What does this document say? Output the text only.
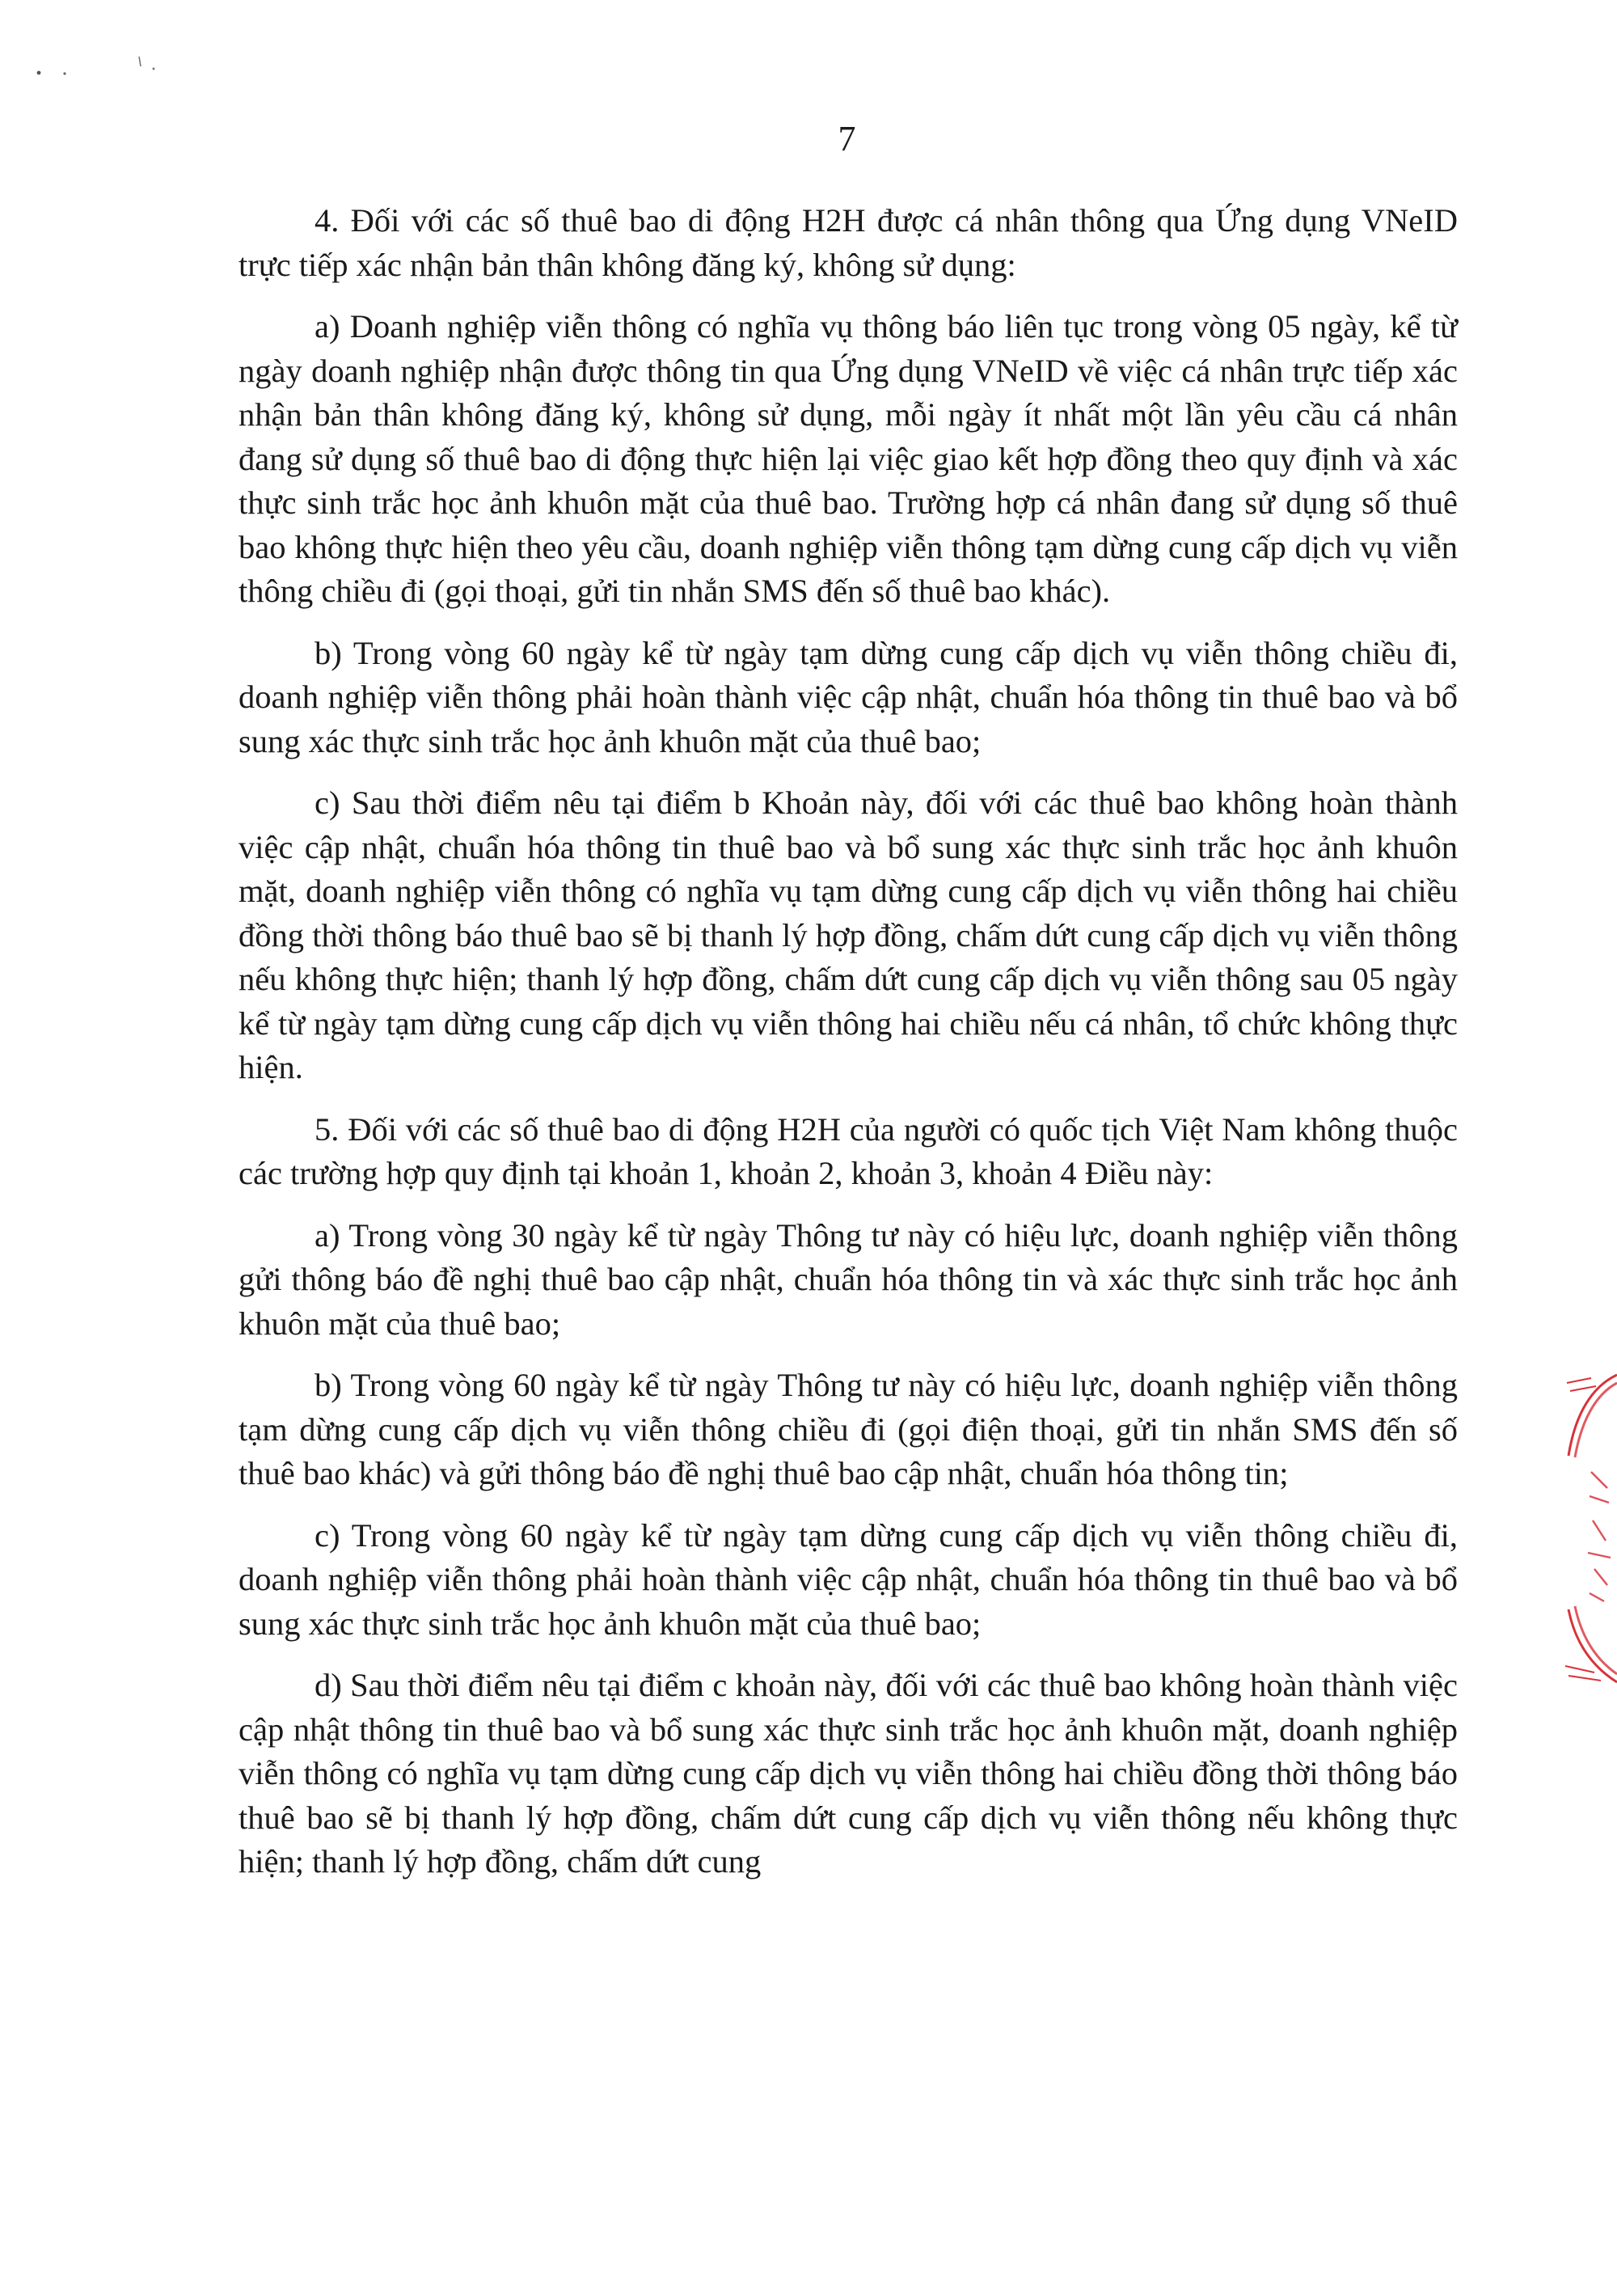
7

4. Đối với các số thuê bao di động H2H được cá nhân thông qua Ứng dụng VNeID trực tiếp xác nhận bản thân không đăng ký, không sử dụng:

a) Doanh nghiệp viễn thông có nghĩa vụ thông báo liên tục trong vòng 05 ngày, kể từ ngày doanh nghiệp nhận được thông tin qua Ứng dụng VNeID về việc cá nhân trực tiếp xác nhận bản thân không đăng ký, không sử dụng, mỗi ngày ít nhất một lần yêu cầu cá nhân đang sử dụng số thuê bao di động thực hiện lại việc giao kết hợp đồng theo quy định và xác thực sinh trắc học ảnh khuôn mặt của thuê bao. Trường hợp cá nhân đang sử dụng số thuê bao không thực hiện theo yêu cầu, doanh nghiệp viễn thông tạm dừng cung cấp dịch vụ viễn thông chiều đi (gọi thoại, gửi tin nhắn SMS đến số thuê bao khác).

b) Trong vòng 60 ngày kể từ ngày tạm dừng cung cấp dịch vụ viễn thông chiều đi, doanh nghiệp viễn thông phải hoàn thành việc cập nhật, chuẩn hóa thông tin thuê bao và bổ sung xác thực sinh trắc học ảnh khuôn mặt của thuê bao;

c) Sau thời điểm nêu tại điểm b Khoản này, đối với các thuê bao không hoàn thành việc cập nhật, chuẩn hóa thông tin thuê bao và bổ sung xác thực sinh trắc học ảnh khuôn mặt, doanh nghiệp viễn thông có nghĩa vụ tạm dừng cung cấp dịch vụ viễn thông hai chiều đồng thời thông báo thuê bao sẽ bị thanh lý hợp đồng, chấm dứt cung cấp dịch vụ viễn thông nếu không thực hiện; thanh lý hợp đồng, chấm dứt cung cấp dịch vụ viễn thông sau 05 ngày kể từ ngày tạm dừng cung cấp dịch vụ viễn thông hai chiều nếu cá nhân, tổ chức không thực hiện.

5. Đối với các số thuê bao di động H2H của người có quốc tịch Việt Nam không thuộc các trường hợp quy định tại khoản 1, khoản 2, khoản 3, khoản 4 Điều này:

a) Trong vòng 30 ngày kể từ ngày Thông tư này có hiệu lực, doanh nghiệp viễn thông gửi thông báo đề nghị thuê bao cập nhật, chuẩn hóa thông tin và xác thực sinh trắc học ảnh khuôn mặt của thuê bao;

b) Trong vòng 60 ngày kể từ ngày Thông tư này có hiệu lực, doanh nghiệp viễn thông tạm dừng cung cấp dịch vụ viễn thông chiều đi (gọi điện thoại, gửi tin nhắn SMS đến số thuê bao khác) và gửi thông báo đề nghị thuê bao cập nhật, chuẩn hóa thông tin;

c) Trong vòng 60 ngày kể từ ngày tạm dừng cung cấp dịch vụ viễn thông chiều đi, doanh nghiệp viễn thông phải hoàn thành việc cập nhật, chuẩn hóa thông tin thuê bao và bổ sung xác thực sinh trắc học ảnh khuôn mặt của thuê bao;

d) Sau thời điểm nêu tại điểm c khoản này, đối với các thuê bao không hoàn thành việc cập nhật thông tin thuê bao và bổ sung xác thực sinh trắc học ảnh khuôn mặt, doanh nghiệp viễn thông có nghĩa vụ tạm dừng cung cấp dịch vụ viễn thông hai chiều đồng thời thông báo thuê bao sẽ bị thanh lý hợp đồng, chấm dứt cung cấp dịch vụ viễn thông nếu không thực hiện; thanh lý hợp đồng, chấm dứt cung
